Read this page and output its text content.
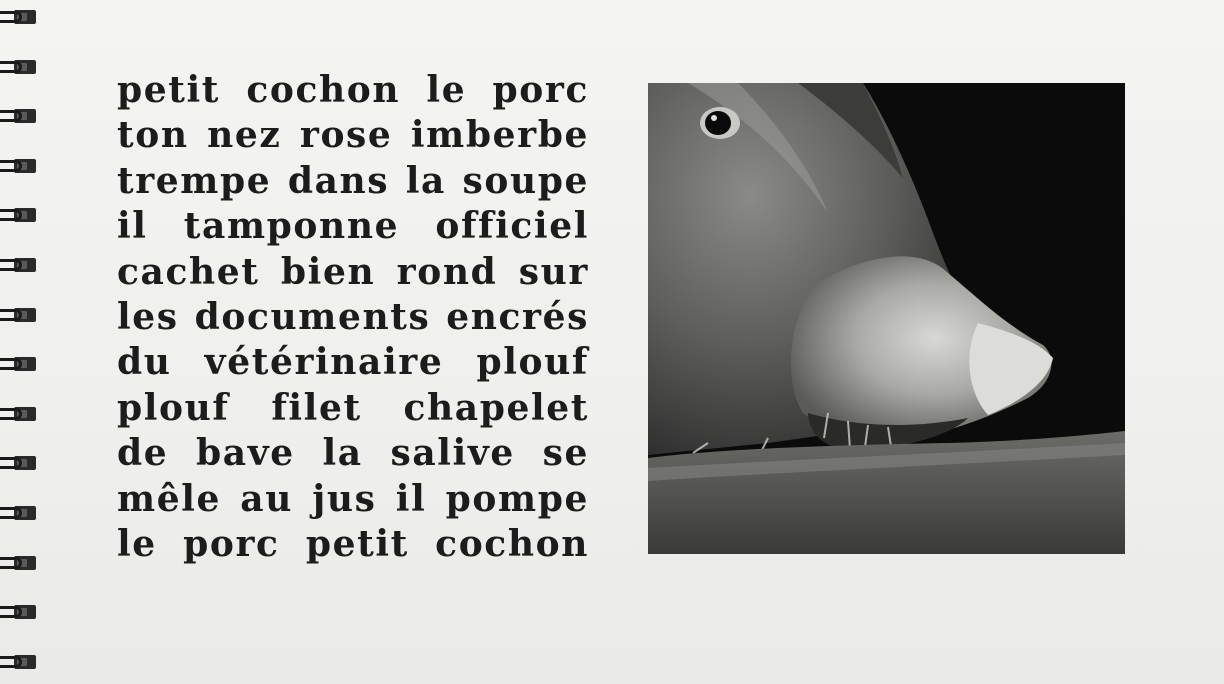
petit cochon le porc
ton nez rose imberbe
trempe dans la soupe
il tamponne officiel
cachet bien rond sur
les documents encrés
du vétérinaire plouf
plouf filet chapelet
de bave la salive se
mêle au jus il pompe
le porc petit cochon
